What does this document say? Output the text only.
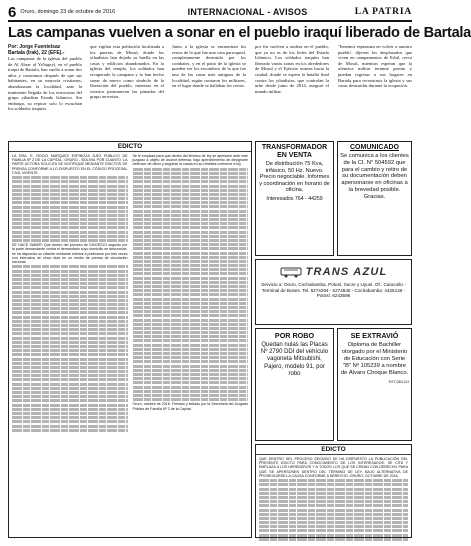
6 Oruro, domingo 23 de octubre de 2016	INTERNACIONAL - AVISOS	LA PATRIA
Las campanas vuelven a sonar en el pueblo iraquí liberado de Bartala
Por: Jorge Fuentelsaz
Bartala (Irak), 22 (EFE).-
Las campanas de la iglesia del pueblo de Al Ahrar al Ya'bigeyi, en el pueblo iraquí de Bartala, han vuelto a sonar dos años y contrinuos después de que sus habitantes, en su mayoría cristianos, abandonaran la localidad, ante la inminente llegada de los terroristas del grupo yihadista Estado Islámico. Sin embargo, su repicar solo lo escuchan los soldados iraquíes
que vigilan esta población localizada a los puertas de Mosul, donde los yihadistas han dejado su huella en las casas y edificios abandonados. En la iglesia del templo, los soldados han recuperado la campana y la han hecho sonar de nuevo como símbolo de la liberación del pueblo, mientras en el exterior permanecen las pintadas del grupo terrorista.
Junto a la iglesia se encuentran los restos de lo que fue una casa parroquial, completamente destruida por los combates, y en el patio de la iglesia se pueden ver los escombros de la que fue una de las casas más antiguas de la localidad, según contaron los militares, en el lugar donde se hallaban los restos.
por fin vuelven a ondear en el pueblo, que ya no es de los fieles del Estado Islámico. Los soldados iraquíes han liberado varias zonas en los alrededores de Mosul y el Ejército avanza hacia la ciudad, donde se espera la batalla final contra los yihadistas, que controlan la urbe desde junio de 2014, aseguró el mando militar.
'Tenemos esperanza en volver a nuestro pueblo', dijeron los desplazados que viven en campamentos de Erbil, cerca de Mosul, mientras esperan que la ofensiva militar termine pronto y puedan regresar a sus hogares en Bartala para reconstruir la iglesia y sus casas destruidas durante la ocupación.
EDICTO

LA DRA. E. ROCIO MARQUEZ ESPINOZA JUEZ PÚBLICO DE FAMILIA Nº 2 DE LA CAPITAL, ORURO - BOLIVIA POR CUANTO: LA PARTE ACTORA SOLICITA SE NOTIFIQUE MEDIANTE EDICTOS DE PRENSA CONFORME A LO DISPUESTO EN EL CÓDIGO PROCESAL CIVIL VIGENTE.

SE HACE SABER: Que dentro del proceso de DIVORCIO seguido por la parte demandante contra el demandado cuyo domicilio se desconoce, se ha dispuesto su citación mediante edictos a publicarse por tres veces con intervalos de cinco días en un medio de prensa de circulación nacional.

Se le emplaza para que dentro del término de ley se apersone ante este juzgado a objeto de asumir defensa, bajo apercibimiento de designarle defensor de oficio y seguirse la causa en su rebeldía conforme a ley.

Oruro, octubre de 2016. Firmado y sellado por la Secretaria del Juzgado Público de Familia Nº 2 de la Capital.

TRANSFORMADOR EN VENTA
De distribución 75 Kva, trifásico, 50 Hz. Nuevo. Precio negociable. Informes y coordinación en horario de oficina.
Interesados 764 - 44259
COMUNICADO
Se comunica a los clientes de la CI. N° 504592 que para el cambio y retiro de su documentación deben apersonarse en oficinas a la brevedad posible. Gracias.
TRANS AZUL
Servicio a: Oruro, Cochabamba, Potosí, Sucre y Uyuni. Of.: Caracollo - Terminal de Buses. Tel. 5274294 - 5274645 - Cochabamba: 4425136 - Potosí: 6243696
POR ROBO
Quedan nulas las Placas Nº 2790 DDI del vehículo vagoneta Mitsubishi, Pajero, modelo 91, por robo
SE EXTRAVIÓ
Diploma de Bachiller otorgado por el Ministerio de Educación con Serie "B" Nº 105239 a nombre de Álvaro Choque Blanco.
EXT-063-CH
EDICTO

QUE DENTRO DEL PROCESO SEGUIDO SE HA DISPUESTO LA PUBLICACIÓN DEL PRESENTE EDICTO PARA CONOCIMIENTO DE LOS INTERESADOS. SE CITA Y EMPLAZA A LOS HEREDEROS Y A TODOS LOS QUE SE CREAN CON DERECHO PARA QUE SE APERSONEN DENTRO DEL TÉRMINO DE LEY, BAJO ALTERNATIVA DE PROSEGUIRSE LA CAUSA CONFORME A DERECHO. ORURO, OCTUBRE DE 2016.
